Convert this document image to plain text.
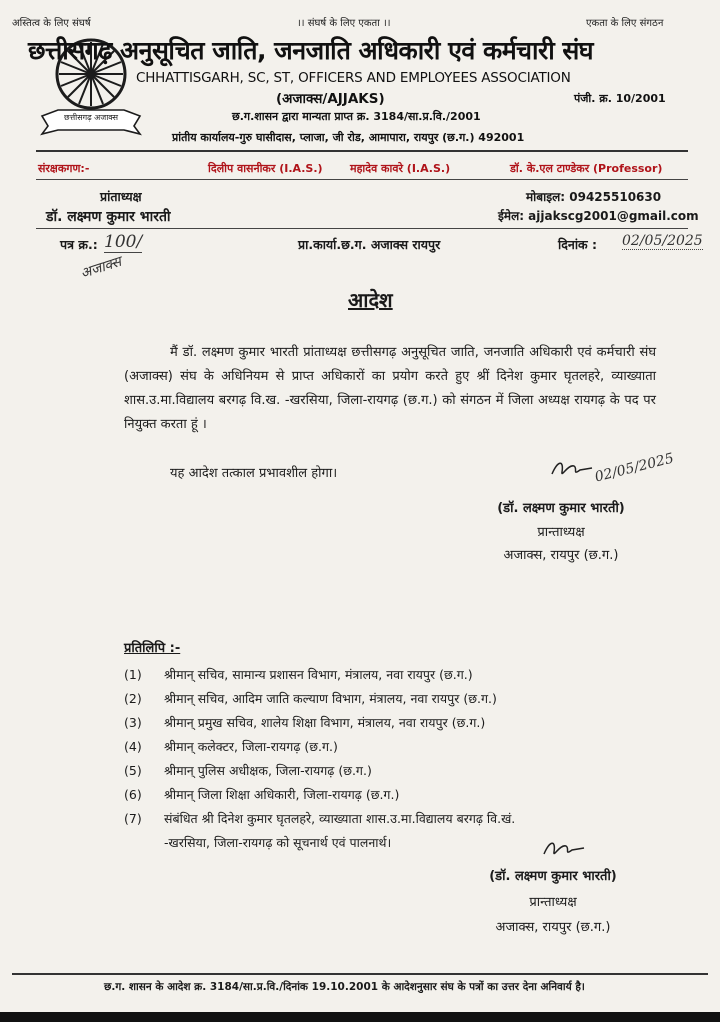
अस्तित्व के लिए संघर्ष	।। संघर्ष के लिए एकता ।।	एकता के लिए संगठन
छत्तीसगढ़ अजाक्स
छत्तीसगढ़ अनुसूचित जाति, जनजाति अधिकारी एवं कर्मचारी संघ
CHHATTISGARH, SC, ST, OFFICERS AND EMPLOYEES ASSOCIATION
(अजाक्स/AJJAKS)	पंजी. क्र. 10/2001
छ.ग.शासन द्वारा मान्यता प्राप्त क्र. 3184/सा.प्र.वि./2001
प्रांतीय कार्यालय-गुरु घासीदास, प्लाजा, जी रोड, आमापारा, रायपुर (छ.ग.) 492001
संरक्षकगण:-	दिलीप वासनीकर (I.A.S.) महादेव कावरे (I.A.S.)	डॉ. के.एल टाण्डेकर (Professor)
प्रांताध्यक्ष
डॉ. लक्ष्मण कुमार भारती
मोबाइल: 09425510630
ईमेल: ajjakscg2001@gmail.com
पत्र क्र.: 100/
अजाक्स
प्रा.कार्या.छ.ग. अजाक्स रायपुर	दिनांक : 02/05/2025
आदेश
मैं डॉ. लक्ष्मण कुमार भारती प्रांताध्यक्ष छत्तीसगढ़ अनुसूचित जाति, जनजाति अधिकारी एवं कर्मचारी संघ (अजाक्स) संघ के अधिनियम से प्राप्त अधिकारों का प्रयोग करते हुए श्रीं दिनेश कुमार घृतलहरे, व्याख्याता शास.उ.मा.विद्यालय बरगढ़ वि.ख. -खरसिया, जिला-रायगढ़ (छ.ग.) को संगठन में जिला अध्यक्ष रायगढ़ के पद पर नियुक्त करता हूं ।
यह आदेश तत्काल प्रभावशील होगा।	02/05/2025
(डॉ. लक्ष्मण कुमार भारती)
प्रान्ताध्यक्ष
अजाक्स, रायपुर (छ.ग.)
प्रतिलिपि :-
(1) श्रीमान् सचिव, सामान्य प्रशासन विभाग, मंत्रालय, नवा रायपुर (छ.ग.)
(2) श्रीमान् सचिव, आदिम जाति कल्याण विभाग, मंत्रालय, नवा रायपुर (छ.ग.)
(3) श्रीमान् प्रमुख सचिव, शालेय शिक्षा विभाग, मंत्रालय, नवा रायपुर (छ.ग.)
(4) श्रीमान् कलेक्टर, जिला-रायगढ़ (छ.ग.)
(5) श्रीमान् पुलिस अधीक्षक, जिला-रायगढ़ (छ.ग.)
(6) श्रीमान् जिला शिक्षा अधिकारी, जिला-रायगढ़ (छ.ग.)
(7) संबंधित श्री दिनेश कुमार घृतलहरे, व्याख्याता शास.उ.मा.विद्यालय बरगढ़ वि.खं.
-खरसिया, जिला-रायगढ़ को सूचनार्थ एवं पालनार्थ।
(डॉ. लक्ष्मण कुमार भारती)
प्रान्ताध्यक्ष
अजाक्स, रायपुर (छ.ग.)
छ.ग. शासन के आदेश क्र. 3184/सा.प्र.वि./दिनांक 19.10.2001 के आदेशनुसार संघ के पत्रों का उत्तर देना अनिवार्य है।
